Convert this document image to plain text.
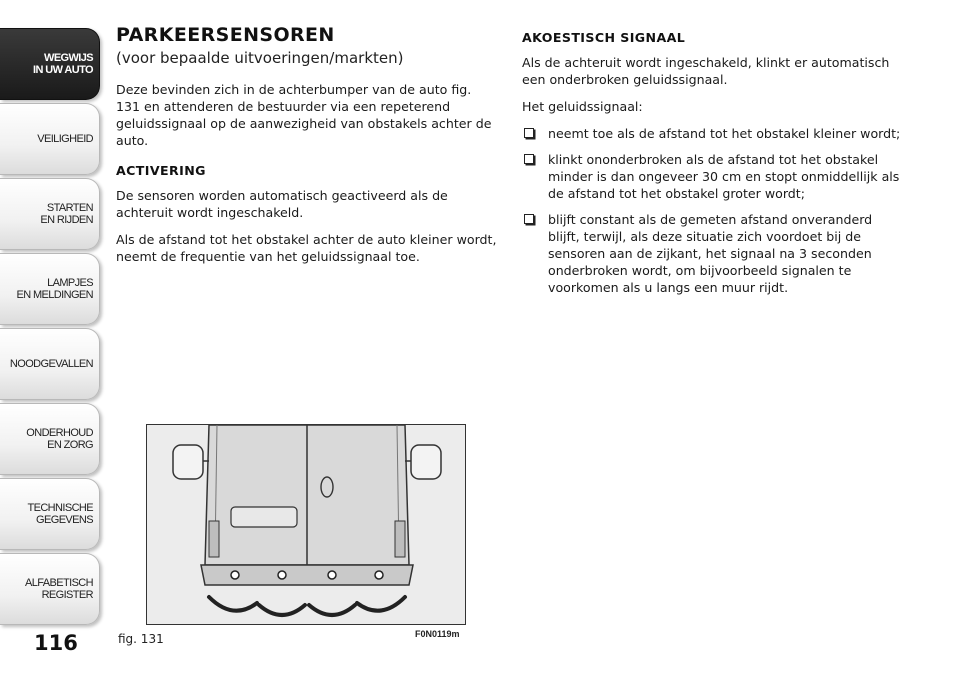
WEGWIJS
IN UW AUTO
VEILIGHEID
STARTEN
EN RIJDEN
LAMPJES
EN MELDINGEN
NOODGEVALLEN
ONDERHOUD
EN ZORG
TECHNISCHE
GEGEVENS
ALFABETISCH
REGISTER
116
PARKEERSENSOREN
(voor bepaalde uitvoeringen/markten)

Deze bevinden zich in de achterbumper van de auto fig. 131 en attenderen de bestuurder via een repeterend geluidssignaal op de aanwezigheid van obstakels achter de auto.

ACTIVERING

De sensoren worden automatisch geactiveerd als de achteruit wordt ingeschakeld.

Als de afstand tot het obstakel achter de auto kleiner wordt, neemt de frequentie van het geluidssignaal toe.

AKOESTISCH SIGNAAL

Als de achteruit wordt ingeschakeld, klinkt er automatisch een onderbroken geluidssignaal.

Het geluidssignaal:

neemt toe als de afstand tot het obstakel kleiner wordt;
klinkt ononderbroken als de afstand tot het obstakel minder is dan ongeveer 30 cm en stopt onmiddellijk als de afstand tot het obstakel groter wordt;
blijft constant als de gemeten afstand onveranderd blijft, terwijl, als deze situatie zich voordoet bij de sensoren aan de zijkant, het signaal na 3 seconden onderbroken wordt, om bijvoorbeeld signalen te voorkomen als u langs een muur rijdt.
fig. 131	F0N0119m
